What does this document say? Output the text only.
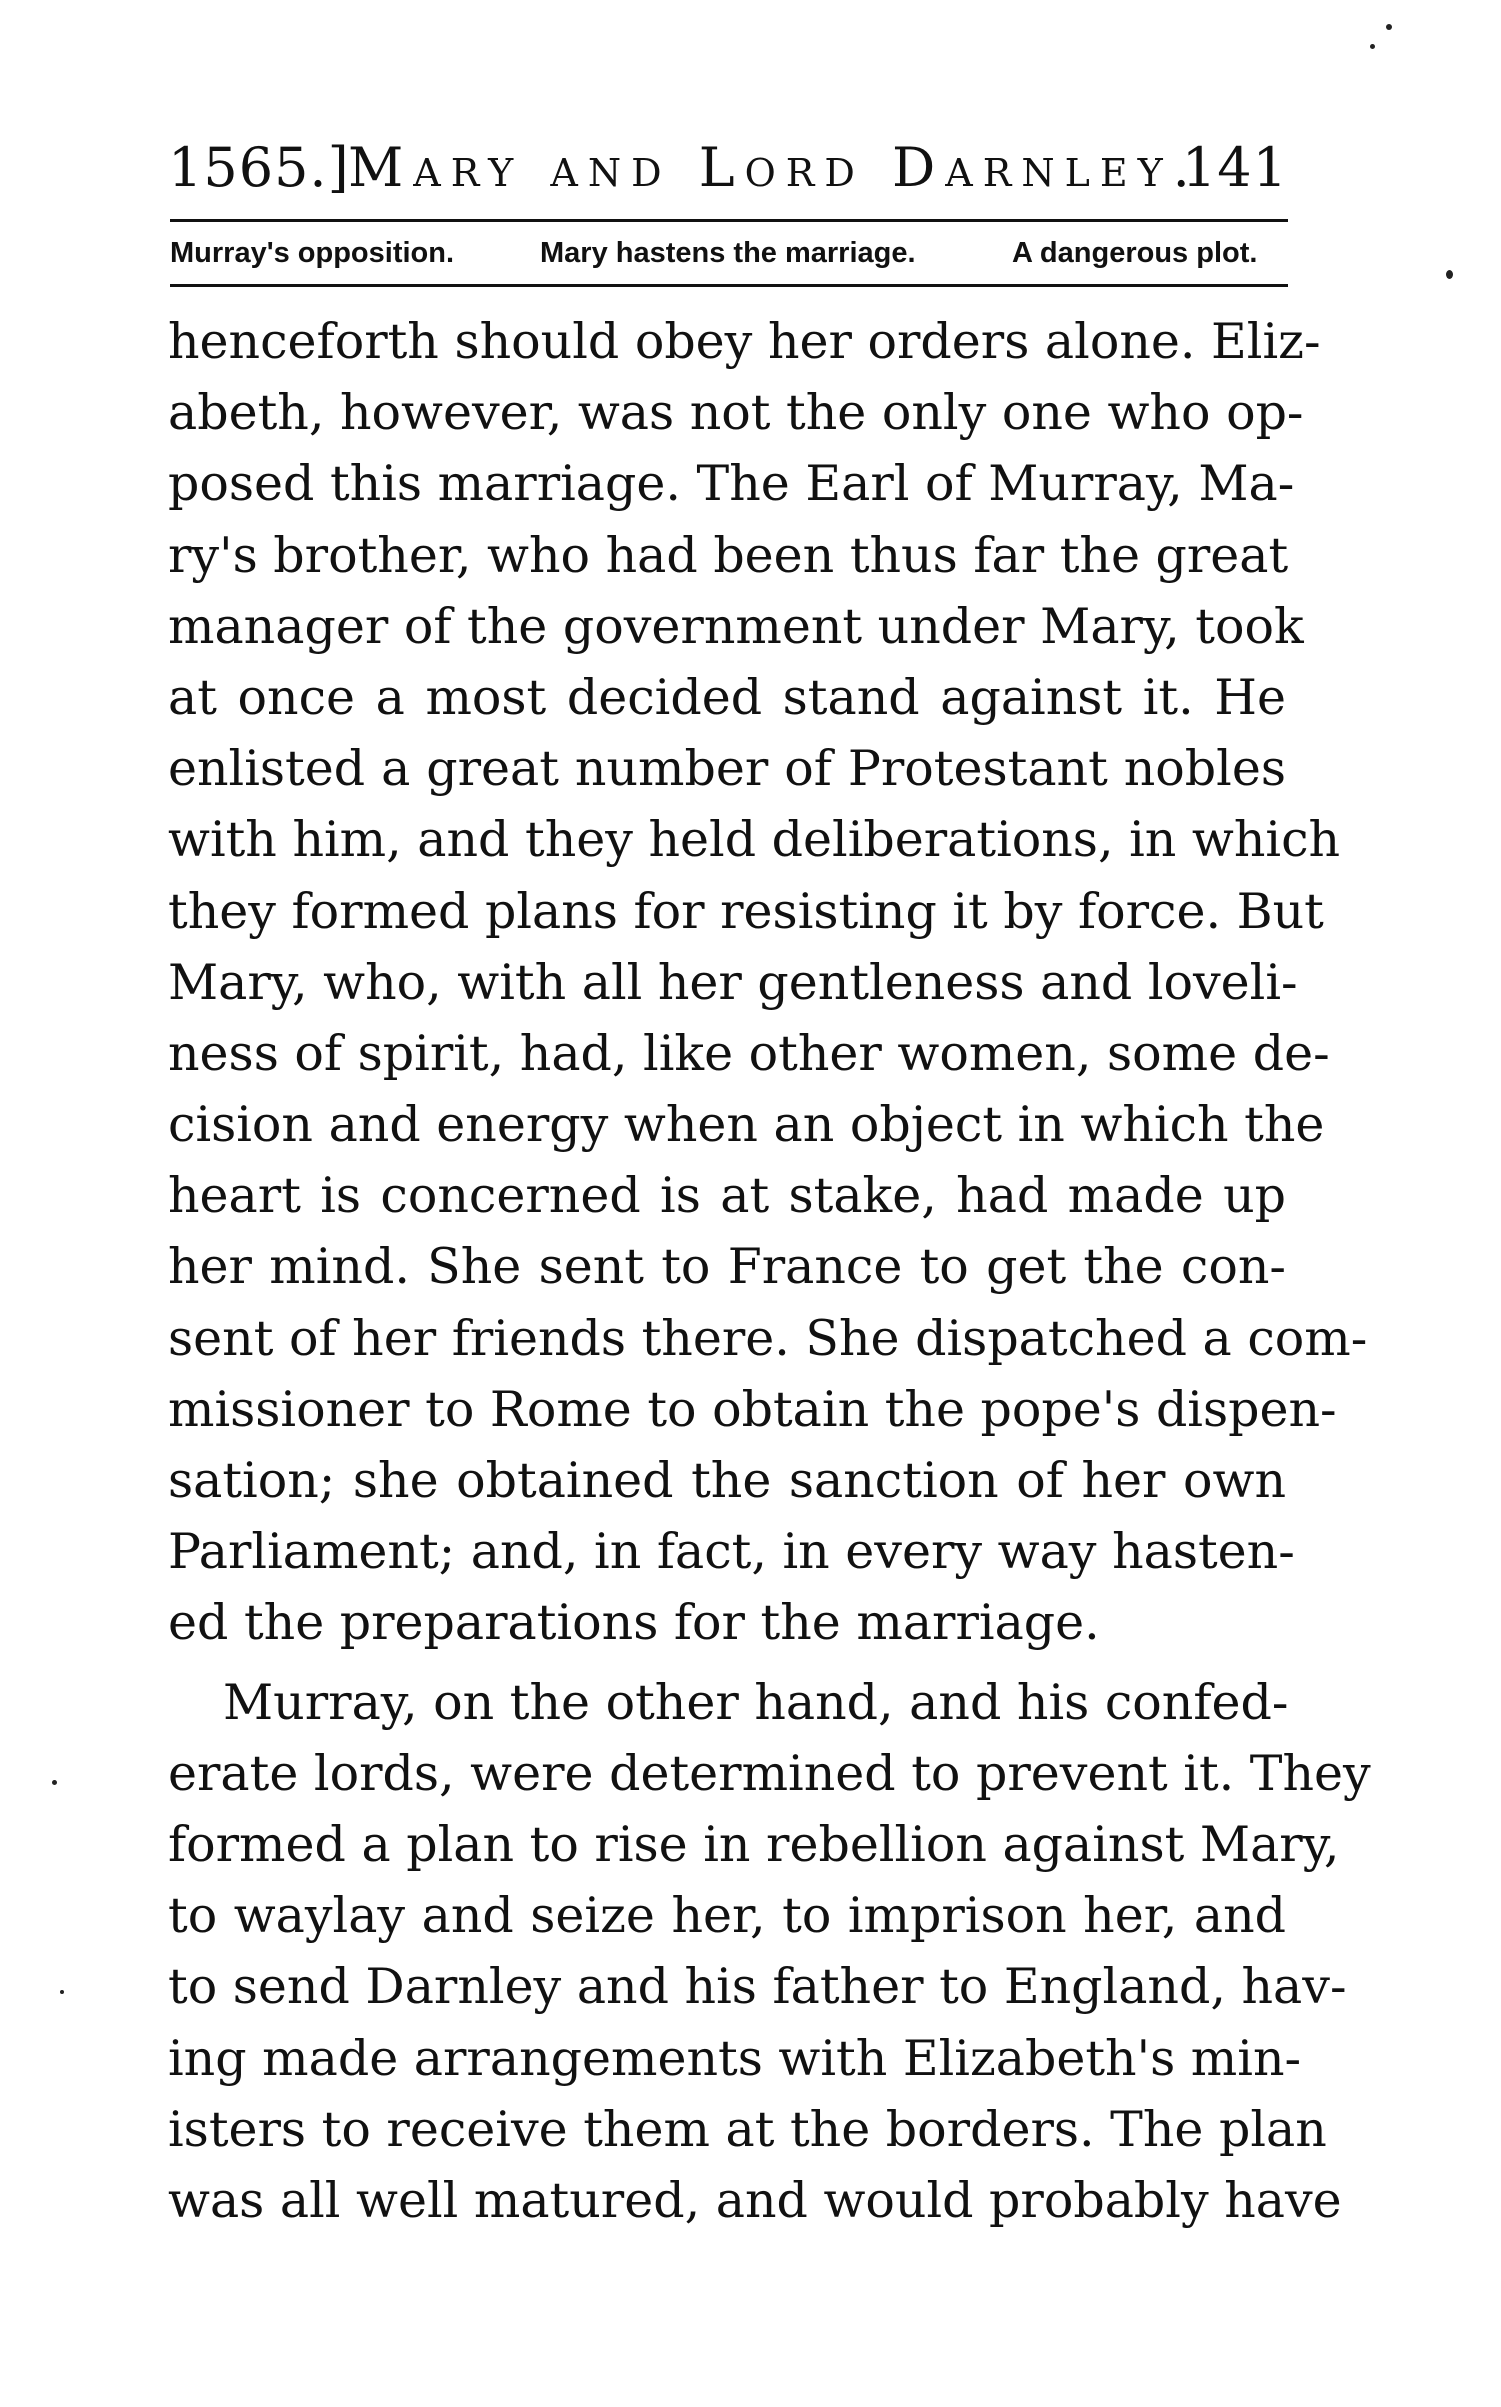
1565.]
Mary and Lord Darnley.
141
Murray's opposition.	Mary hastens the marriage.	A dangerous plot.
henceforth should obey her orders alone. Eliz-
abeth, however, was not the only one who op-
posed this marriage. The Earl of Murray, Ma-
ry's brother, who had been thus far the great
manager of the government under Mary, took
at once a most decided stand against it. He
enlisted a great number of Protestant nobles
with him, and they held deliberations, in which
they formed plans for resisting it by force. But
Mary, who, with all her gentleness and loveli-
ness of spirit, had, like other women, some de-
cision and energy when an object in which the
heart is concerned is at stake, had made up
her mind. She sent to France to get the con-
sent of her friends there. She dispatched a com-
missioner to Rome to obtain the pope's dispen-
sation; she obtained the sanction of her own
Parliament; and, in fact, in every way hasten-
ed the preparations for the marriage.
Murray, on the other hand, and his confed-
erate lords, were determined to prevent it. They
formed a plan to rise in rebellion against Mary,
to waylay and seize her, to imprison her, and
to send Darnley and his father to England, hav-
ing made arrangements with Elizabeth's min-
isters to receive them at the borders. The plan
was all well matured, and would probably have
